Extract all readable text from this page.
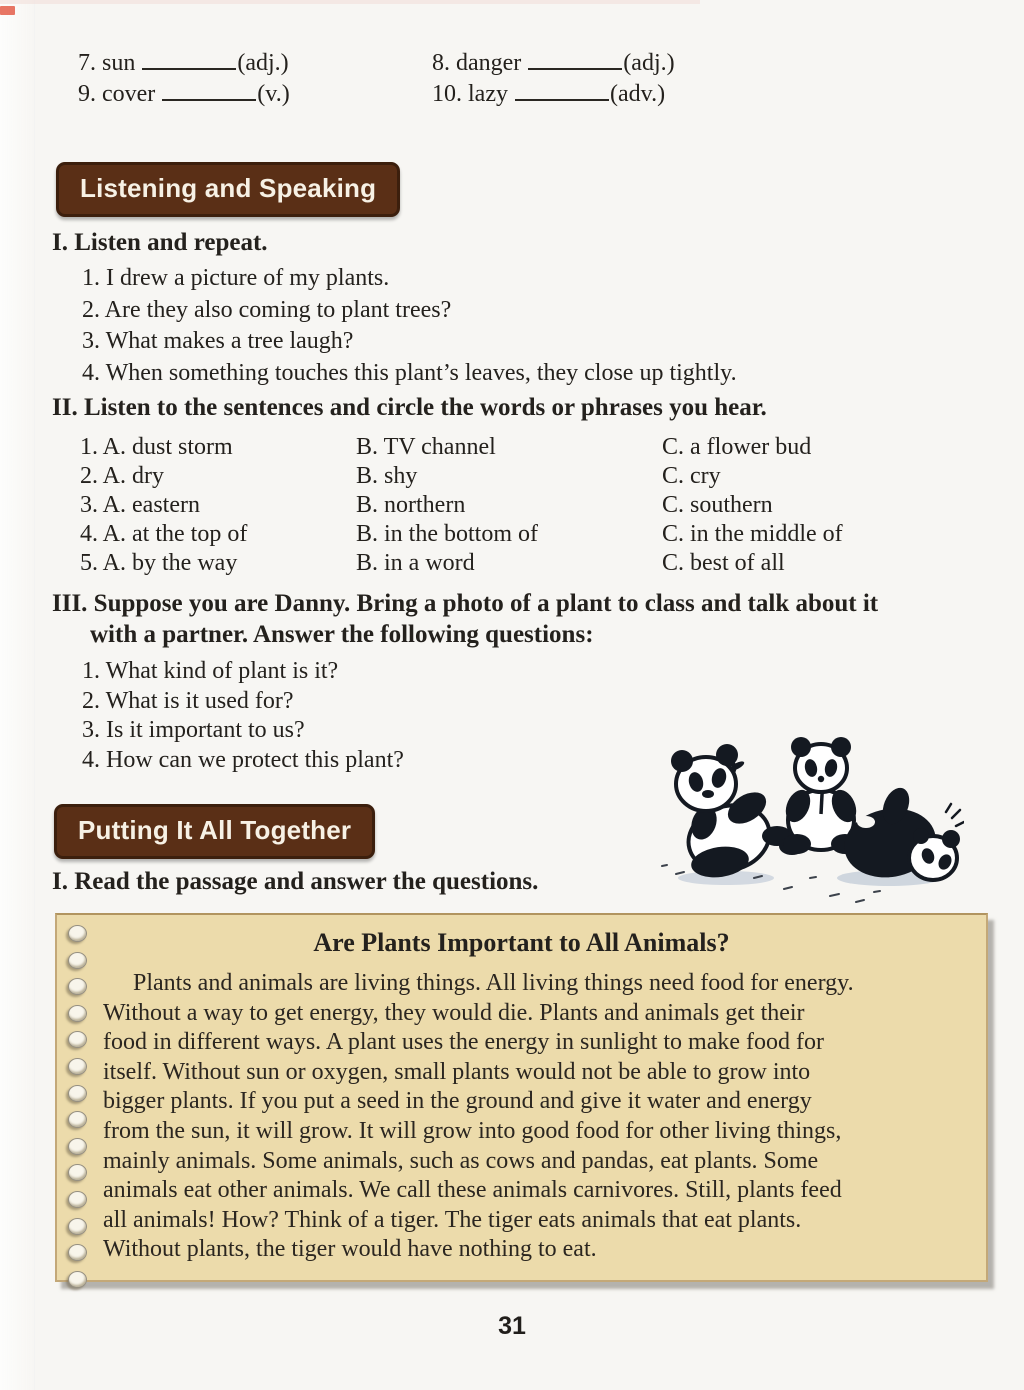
7. sun	(adj.)	8. danger	(adj.)
9. cover	(v.)	10. lazy	(adv.)
Listening and Speaking
I. Listen and repeat.
1. I drew a picture of my plants.
2. Are they also coming to plant trees?
3. What makes a tree laugh?
4. When something touches this plant’s leaves, they close up tightly.
II. Listen to the sentences and circle the words or phrases you hear.
1. A. dust storm	B. TV channel	C. a flower bud
2. A. dry	B. shy	C. cry
3. A. eastern	B. northern	C. southern
4. A. at the top of	B. in the bottom of	C. in the middle of
5. A. by the way	B. in a word	C. best of all
III. Suppose you are Danny. Bring a photo of a plant to class and talk about it
with a partner. Answer the following questions:
1. What kind of plant is it?
2. What is it used for?
3. Is it important to us?
4. How can we protect this plant?
Putting It All Together
I. Read the passage and answer the questions.
Are Plants Important to All Animals?
Plants and animals are living things. All living things need food for energy.
Without a way to get energy, they would die. Plants and animals get their
food in different ways. A plant uses the energy in sunlight to make food for
itself. Without sun or oxygen, small plants would not be able to grow into
bigger plants. If you put a seed in the ground and give it water and energy
from the sun, it will grow. It will grow into good food for other living things,
mainly animals. Some animals, such as cows and pandas, eat plants. Some
animals eat other animals. We call these animals carnivores. Still, plants feed
all animals! How? Think of a tiger. The tiger eats animals that eat plants.
Without plants, the tiger would have nothing to eat.
31
